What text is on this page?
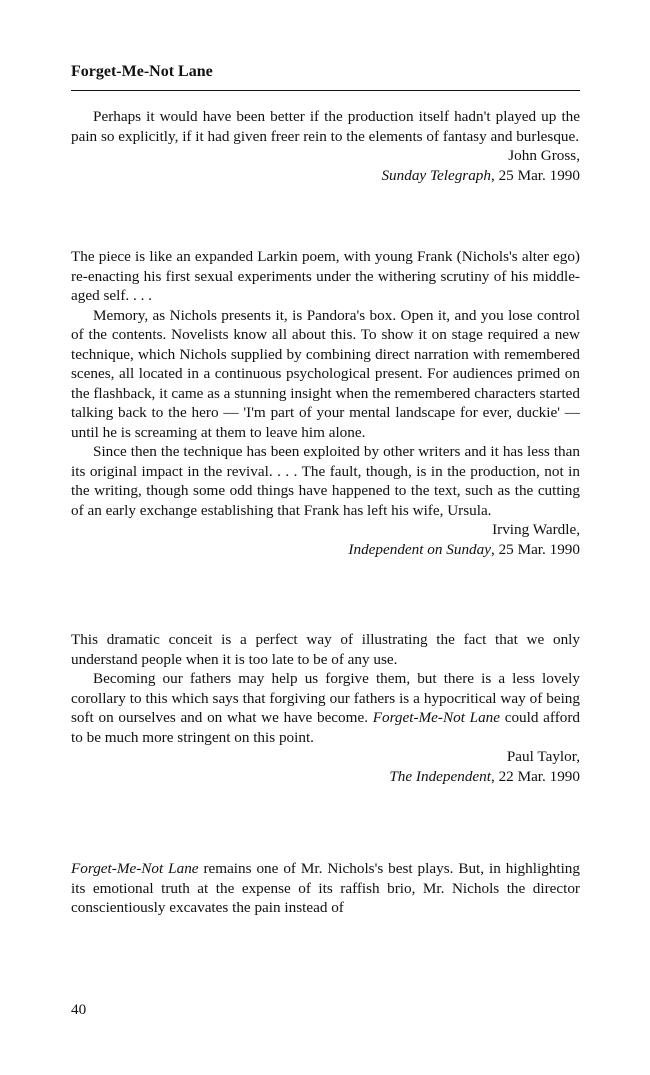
Forget-Me-Not Lane

Perhaps it would have been better if the production itself hadn't played up the pain so explicitly, if it had given freer rein to the elements of fantasy and burlesque.

John Gross,
Sunday Telegraph, 25 Mar. 1990

The piece is like an expanded Larkin poem, with young Frank (Nichols's alter ego) re-enacting his first sexual experiments under the withering scrutiny of his middle-aged self. . . .

Memory, as Nichols presents it, is Pandora's box. Open it, and you lose control of the contents. Novelists know all about this. To show it on stage required a new technique, which Nichols supplied by combining direct narration with remembered scenes, all located in a continuous psychological present. For audiences primed on the flashback, it came as a stunning insight when the remembered characters started talking back to the hero — 'I'm part of your mental landscape for ever, duckie' — until he is screaming at them to leave him alone.

Since then the technique has been exploited by other writers and it has less than its original impact in the revival. . . . The fault, though, is in the production, not in the writing, though some odd things have happened to the text, such as the cutting of an early exchange establishing that Frank has left his wife, Ursula.

Irving Wardle,
Independent on Sunday, 25 Mar. 1990

This dramatic conceit is a perfect way of illustrating the fact that we only understand people when it is too late to be of any use.

Becoming our fathers may help us forgive them, but there is a less lovely corollary to this which says that forgiving our fathers is a hypocritical way of being soft on ourselves and on what we have become. Forget-Me-Not Lane could afford to be much more stringent on this point.

Paul Taylor,
The Independent, 22 Mar. 1990

Forget-Me-Not Lane remains one of Mr. Nichols's best plays. But, in highlighting its emotional truth at the expense of its raffish brio, Mr. Nichols the director conscientiously excavates the pain instead of

40
